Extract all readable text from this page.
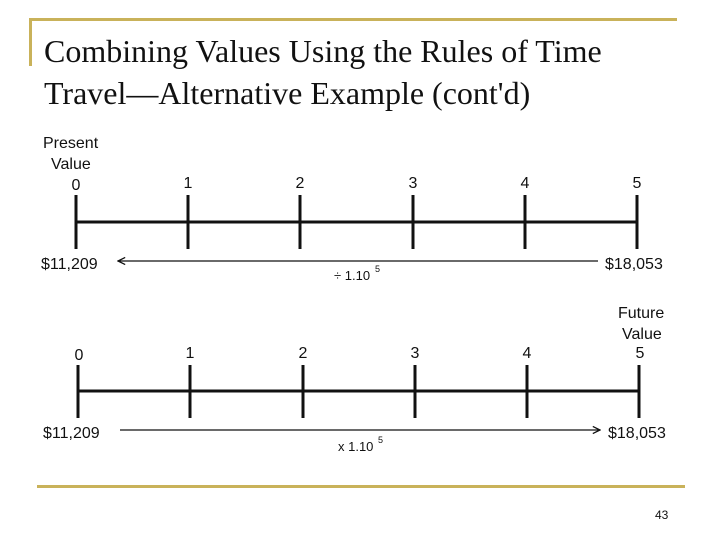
Combining Values Using the Rules of Time
Travel—Alternative Example (cont'd)
Present
Value
0	1	2	3	4	5
$11,209	$18,053
÷ 1.10 5
Future
Value
0	1	2	3	4	5
$11,209	$18,053
x 1.10 5
43
